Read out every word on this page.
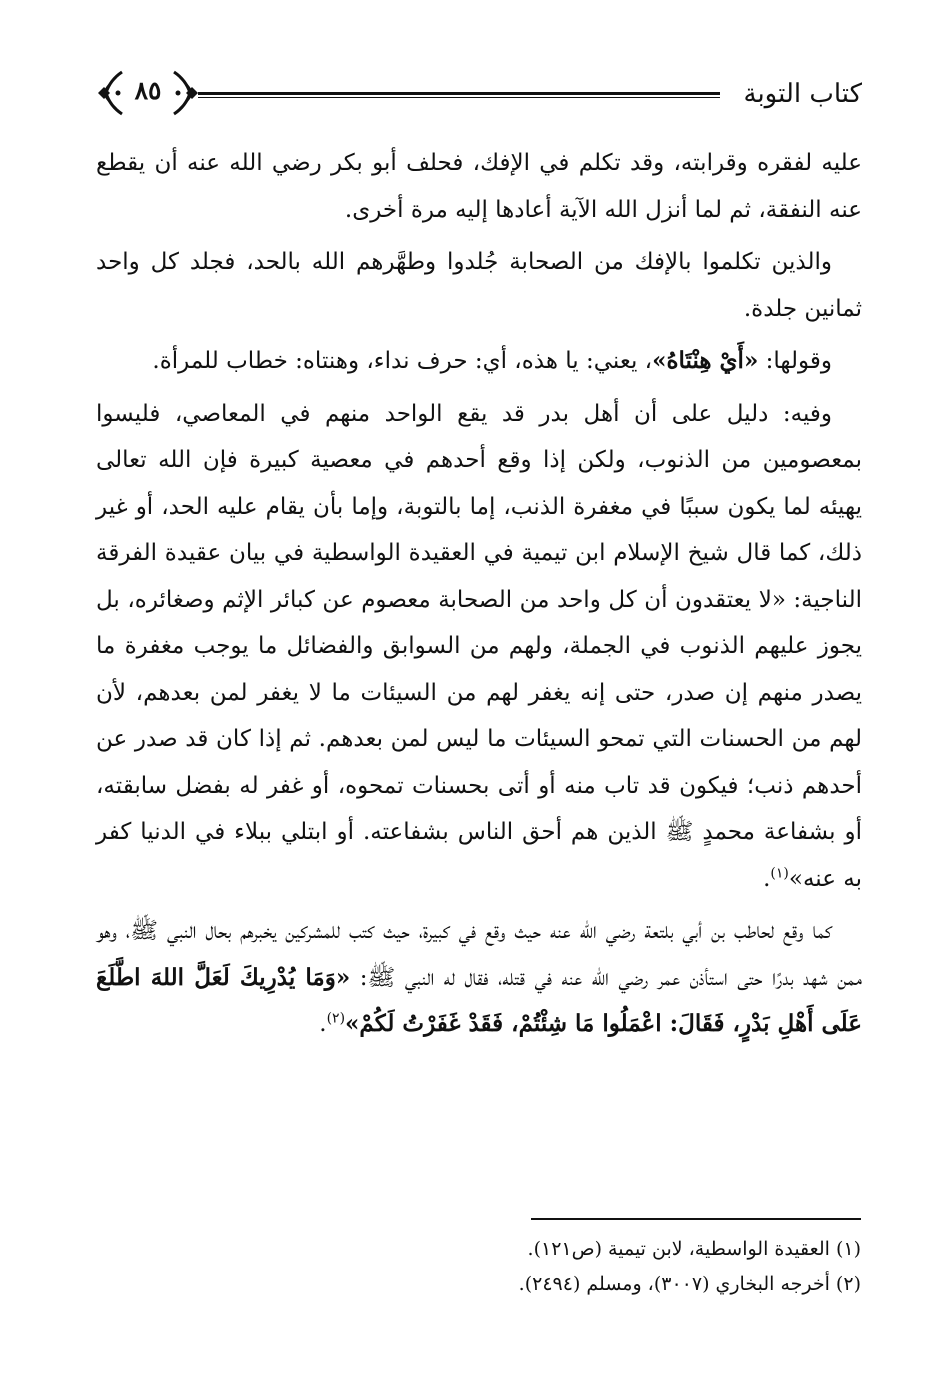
كتاب التوبة
٨٥

عليه لفقره وقرابته، وقد تكلم في الإفك، فحلف أبو بكر رضي الله عنه أن يقطع عنه النفقة، ثم لما أنزل الله الآية أعادها إليه مرة أخرى.

والذين تكلموا بالإفك من الصحابة جُلدوا وطهَّرهم الله بالحد، فجلد كل واحد ثمانين جلدة.

وقولها: «أَيْ هِنْتَاهُ»، يعني: يا هذه، أي: حرف نداء، وهنتاه: خطاب للمرأة.

وفيه: دليل على أن أهل بدر قد يقع الواحد منهم في المعاصي، فليسوا بمعصومين من الذنوب، ولكن إذا وقع أحدهم في معصية كبيرة فإن الله تعالى يهيئه لما يكون سببًا في مغفرة الذنب، إما بالتوبة، وإما بأن يقام عليه الحد، أو غير ذلك، كما قال شيخ الإسلام ابن تيمية في العقيدة الواسطية في بيان عقيدة الفرقة الناجية: «لا يعتقدون أن كل واحد من الصحابة معصوم عن كبائر الإثم وصغائره، بل يجوز عليهم الذنوب في الجملة، ولهم من السوابق والفضائل ما يوجب مغفرة ما يصدر منهم إن صدر، حتى إنه يغفر لهم من السيئات ما لا يغفر لمن بعدهم، لأن لهم من الحسنات التي تمحو السيئات ما ليس لمن بعدهم. ثم إذا كان قد صدر عن أحدهم ذنب؛ فيكون قد تاب منه أو أتى بحسنات تمحوه، أو غفر له بفضل سابقته، أو بشفاعة محمدٍ ﷺ الذين هم أحق الناس بشفاعته. أو ابتلي ببلاء في الدنيا كفر به عنه»$^{(١)}$.

كما وقع لحاطب بن أبي بلتعة رضي الله عنه حيث وقع في كبيرة، حيث كتب للمشركين يخبرهم بحال النبي ﷺ، وهو ممن شهد بدرًا حتى استأذن عمر رضي الله عنه في قتله، فقال له النبي ﷺ: «وَمَا يُدْرِيكَ لَعَلَّ اللهَ اطَّلَعَ عَلَى أَهْلِ بَدْرٍ، فَقَالَ: اعْمَلُوا مَا شِئْتُمْ، فَقَدْ غَفَرْتُ لَكُمْ»$^{(٢)}$.

(١) العقيدة الواسطية، لابن تيمية (ص١٢١).

(٢) أخرجه البخاري (٣٠٠٧)، ومسلم (٢٤٩٤).
